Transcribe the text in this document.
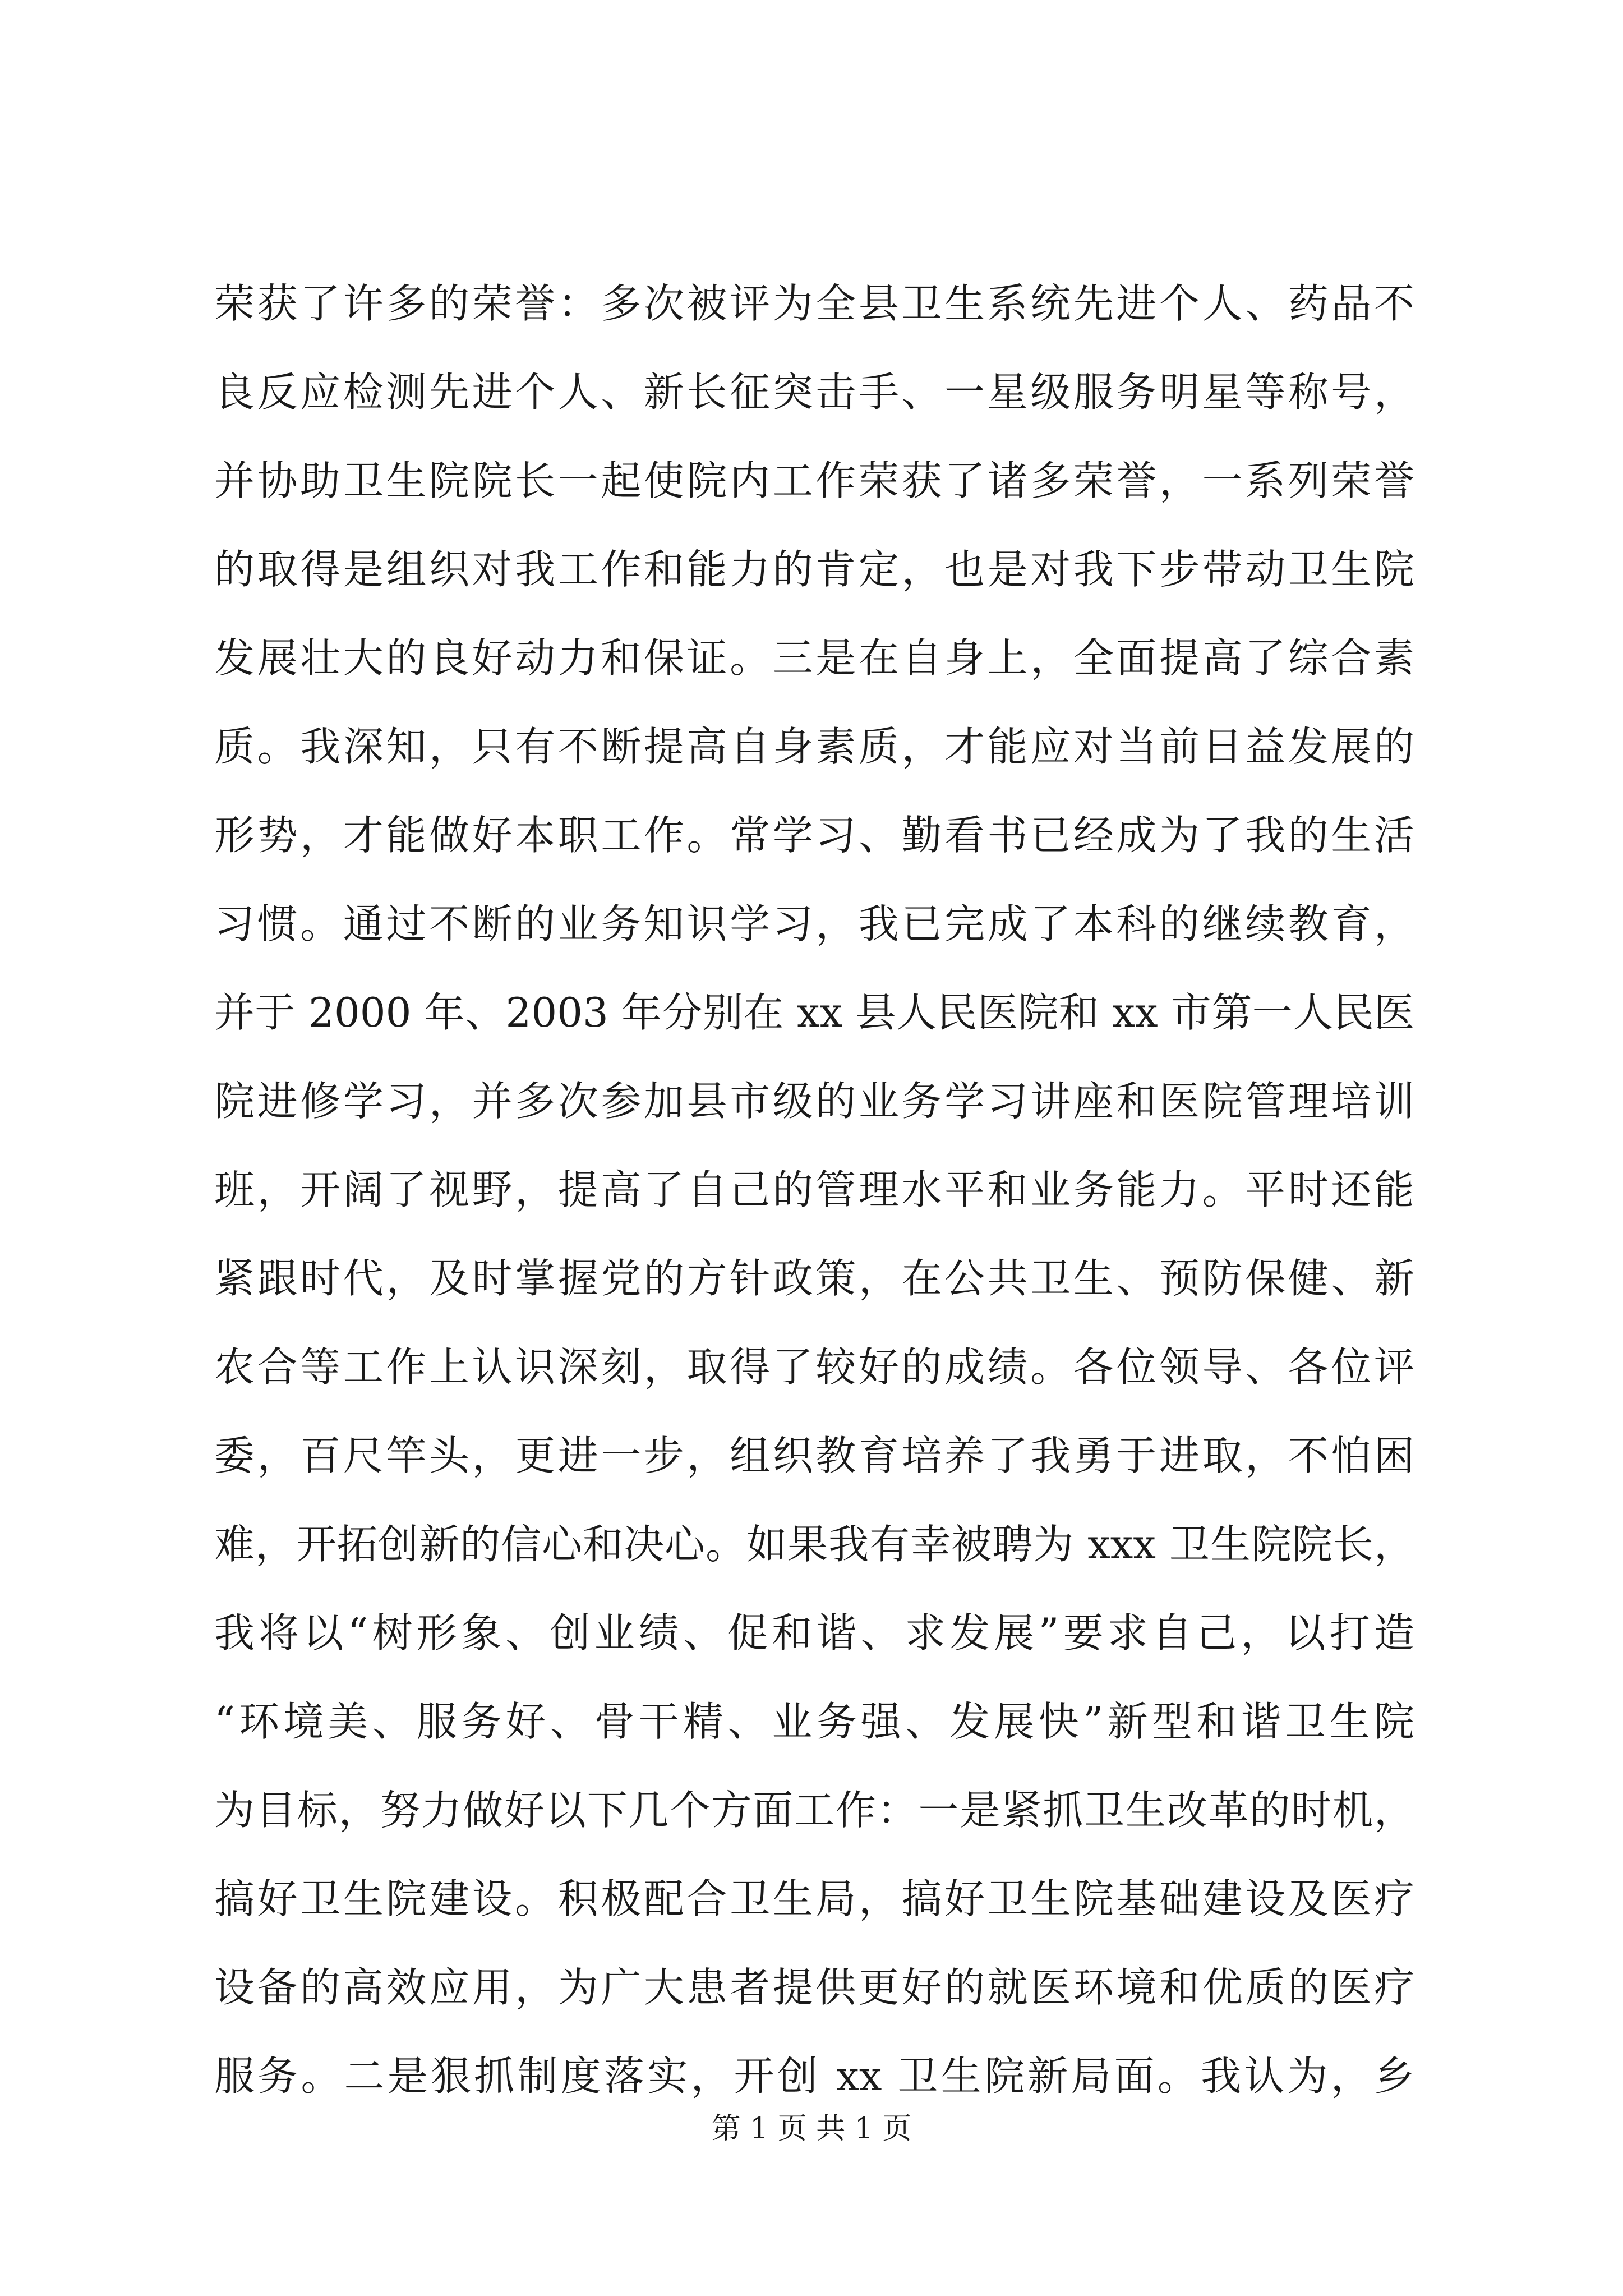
荣获了许多的荣誉：多次被评为全县卫生系统先进个人、药品不
良反应检测先进个人、新长征突击手、一星级服务明星等称号，
并协助卫生院院长一起使院内工作荣获了诸多荣誉，一系列荣誉
的取得是组织对我工作和能力的肯定，也是对我下步带动卫生院
发展壮大的良好动力和保证。三是在自身上，全面提高了综合素
质。我深知，只有不断提高自身素质，才能应对当前日益发展的
形势，才能做好本职工作。常学习、勤看书已经成为了我的生活
习惯。通过不断的业务知识学习，我已完成了本科的继续教育，
并于 2000 年、2003 年分别在 xx 县人民医院和 xx 市第一人民医
院进修学习，并多次参加县市级的业务学习讲座和医院管理培训
班，开阔了视野，提高了自己的管理水平和业务能力。平时还能
紧跟时代，及时掌握党的方针政策，在公共卫生、预防保健、新
农合等工作上认识深刻，取得了较好的成绩。各位领导、各位评
委，百尺竿头，更进一步，组织教育培养了我勇于进取，不怕困
难，开拓创新的信心和决心。如果我有幸被聘为 xxx 卫生院院长，
我将以“树形象、创业绩、促和谐、求发展”要求自己，以打造
“环境美、服务好、骨干精、业务强、发展快”新型和谐卫生院
为目标，努力做好以下几个方面工作：一是紧抓卫生改革的时机，
搞好卫生院建设。积极配合卫生局，搞好卫生院基础建设及医疗
设备的高效应用，为广大患者提供更好的就医环境和优质的医疗
服务。二是狠抓制度落实，开创 xx 卫生院新局面。我认为，乡
第 1 页 共 1 页
